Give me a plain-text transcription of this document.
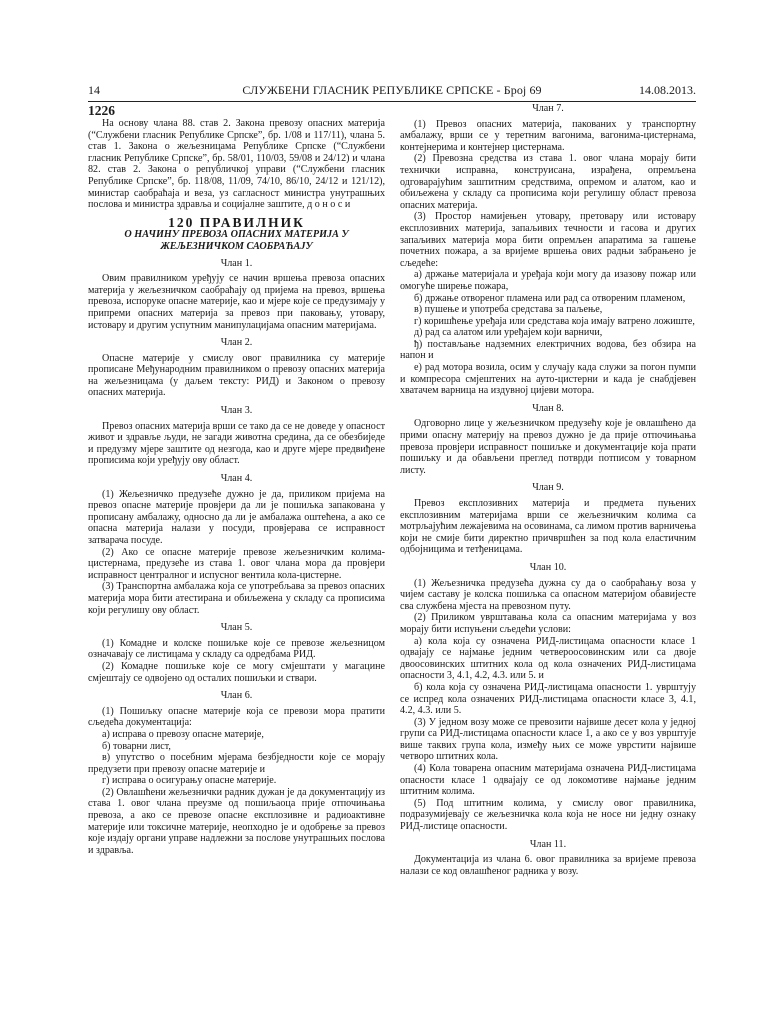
14	СЛУЖБЕНИ ГЛАСНИК РЕПУБЛИКЕ СРПСКЕ - Број 69	14.08.2013.

1226

На основу члана 88. став 2. Закона превозу опасних материја (“Службени гласник Републике Српске”, бр. 1/08 и 117/11), члана 5. став 1. Закона о жељезницама Републике Српске (“Службени гласник Републике Српске”, бр. 58/01, 110/03, 59/08 и 24/12) и члана 82. став 2. Закона о републичкој управи (“Службени гласник Републике Српске”, бр. 118/08, 11/09, 74/10, 86/10, 24/12 и 121/12), министар саобраћаја и веза, уз сагласност министра унутрашњих послова и министра здравља и социјалне заштите, д о н о с и

120 ПРАВИЛНИК

О НАЧИНУ ПРЕВОЗА ОПАСНИХ МАТЕРИЈА У ЖЕЉЕЗНИЧКОМ САОБРАЋАЈУ

Члан 1.

Овим правилником уређују се начин вршења превоза опасних материја у жељезничком саобраћају од пријема на превоз, вршења превоза, испоруке опасне материје, као и мјере које се предузимају у припреми опасних материја за превоз при паковању, утовару, истовару и другим успутним манипулацијама опасним материјама.

Члан 2.

Опасне материје у смислу овог правилника су материје прописане Међународним правилником о превозу опасних материја на жељезницама (у даљем тексту: РИД) и Законом о превозу опасних материја.

Члан 3.

Превоз опасних материја врши се тако да се не доведе у опасност живот и здравље људи, не загади животна средина, да се обезбиједе и предузму мјере заштите од незгода, као и друге мјере предвиђене прописима који уређују ову област.

Члан 4.

(1) Жељезничко предузеће дужно је да, приликом пријема на превоз опасне материје провјери да ли је пошиљка запакована у прописану амбалажу, односно да ли је амбалажа оштећена, а ако се опасна материја налази у посуди, провјерава се исправност затварача посуде.

(2) Ако се опасне материје превозе жељезничким колима-цистернама, предузеће из става 1. овог члана мора да провјери исправност централног и испусног вентила кола-цистерне.

(3) Транспортна амбалажа која се употребљава за превоз опасних материја мора бити атестирана и обиљежена у складу са прописима који регулишу ову област.

Члан 5.

(1) Комадне и колске пошиљке које се превозе жељезницом означавају се листицама у складу са одредбама РИД.

(2) Комадне пошиљке које се могу смјештати у магацине смјештају се одвојено од осталих пошиљки и ствари.

Члан 6.

(1) Пошиљку опасне материје која се превози мора пратити сљедећа документација:

а) исправа о превозу опасне материје,

б) товарни лист,

в) упутство о посебним мјерама безбједности које се морају предузети при превозу опасне материје и

г) исправа о осигурању опасне материје.

(2) Овлашћени жељезнички радник дужан је да документацију из става 1. овог члана преузме од пошиљаоца прије отпочињања превоза, а ако се превозе опасне експлозивне и радиоактивне материје или токсичне материје, неопходно је и одобрење за превоз које издају органи управе надлежни за послове унутрашњих послова и здравља.

Члан 7.

(1) Превоз опасних материја, пакованих у транспортну амбалажу, врши се у теретним вагонима, вагонима-цистернама, контејнерима и контејнер цистернама.

(2) Превозна средства из става 1. овог члана морају бити технички исправна, конструисана, израђена, опремљена одговарајућим заштитним средствима, опремом и алатом, као и обиљежена у складу са прописима који регулишу област превоза опасних материја.

(3) Простор намијењен утовару, претовару или истовару експлозивних материја, запаљивих течности и гасова и других запаљивих материја мора бити опремљен апаратима за гашење почетних пожара, а за вријеме вршења ових радњи забрањено је сљедеће:

а) држање материјала и уређаја који могу да изазову пожар или омогуће ширење пожара,

б) држање отвореног пламена или рад са отвореним пламеном,

в) пушење и употреба средстава за паљење,

г) коришћење уређаја или средстава која имају ватрено ложиште,

д) рад са алатом или уређајем који варничи,

ђ) постављање надземних електричних водова, без обзира на напон и

е) рад мотора возила, осим у случају када служи за погон пумпи и компресора смјештених на ауто-цистерни и када је снабдјевен хватачем варница на издувној цијеви мотора.

Члан 8.

Одговорно лице у жељезничком предузећу које је овлашћено да прими опасну материју на превоз дужно је да прије отпочињања превоза провјери исправност пошиљке и документације која прати пошиљку и да обављени преглед потврди потписом у товарном листу.

Члан 9.

Превоз експлозивних материја и предмета пуњених експлозивним материјама врши се жељезничким колима са мотрљајућим лежајевима на осовинама, са лимом против варничења који не смије бити директно причвршћен за под кола еластичним одбојницима и тетђеницама.

Члан 10.

(1) Жељезничка предузећа дужна су да о саобраћању воза у чијем саставу је колска пошиљка са опасном материјом обавијесте сва службена мјеста на превозном путу.

(2) Приликом уврштавања кола са опасним материјама у воз морају бити испуњени сљедећи услови:

а) кола која су означена РИД-листицама опасности класе 1 одвајају се најмање једним четвероосовинским или са двоје двоосовинских штитних кола од кола означених РИД-листицама опасности 3, 4.1, 4.2, 4.3. или 5. и

б) кола која су означена РИД-листицама опасности 1. уврштују се испред кола означених РИД-листицама опасности класе 3, 4.1, 4.2, 4.3. или 5.

(3) У једном возу може се превозити највише десет кола у једној групи са РИД-листицама опасности класе 1, а ако се у воз уврштује више таквих група кола, између њих се може уврстити највише четворо штитних кола.

(4) Кола товарена опасним материјама означена РИД-листицама опасности класе 1 одвајају се од локомотиве најмање једним штитним колима.

(5) Под штитним колима, у смислу овог правилника, подразумијевају се жељезничка кола која не носе ни једну ознаку РИД-листице опасности.

Члан 11.

Документација из члана 6. овог правилника за вријеме превоза налази се код овлашћеног радника у возу.
